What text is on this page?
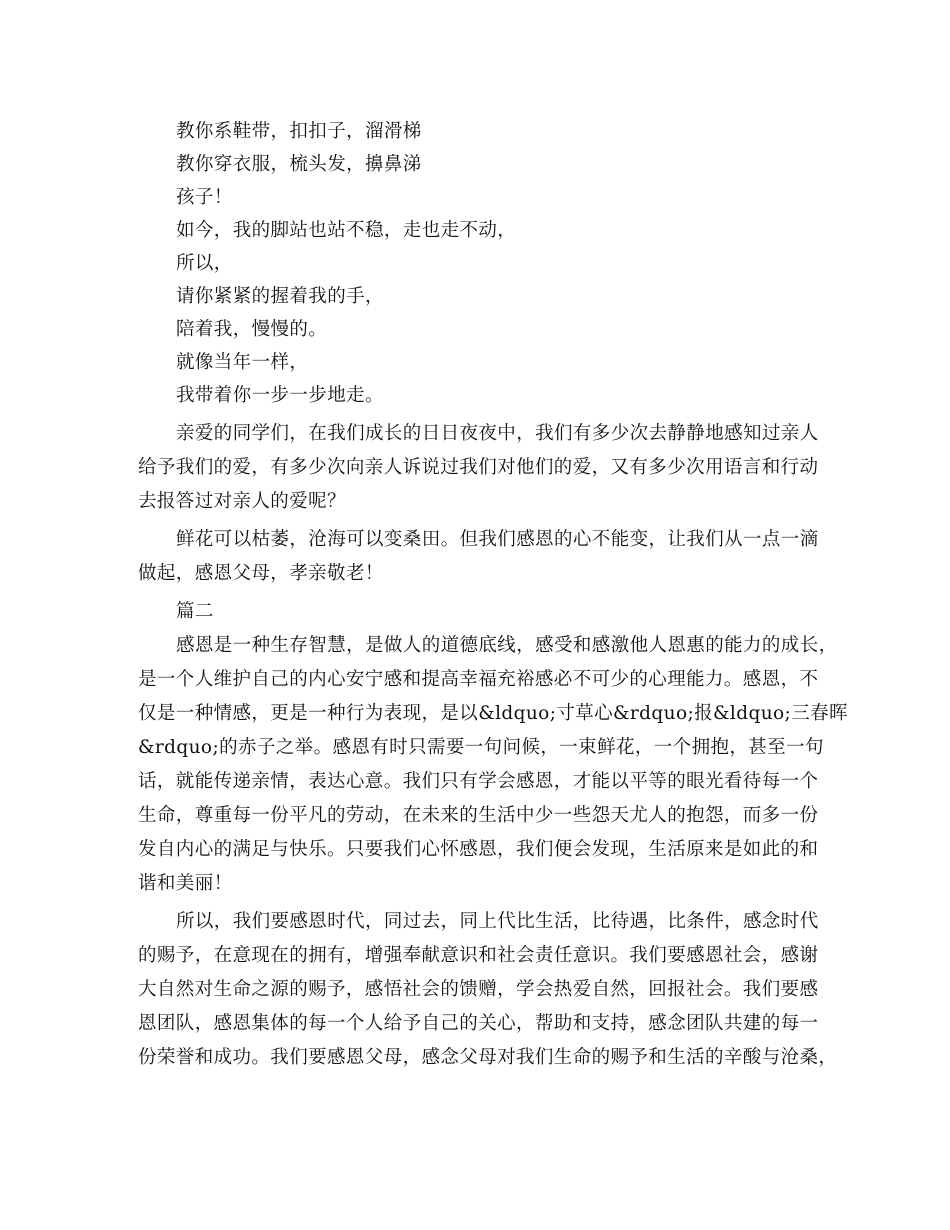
教你系鞋带，扣扣子，溜滑梯
教你穿衣服，梳头发，擤鼻涕
孩子！
如今，我的脚站也站不稳，走也走不动，
所以，
请你紧紧的握着我的手，
陪着我，慢慢的。
就像当年一样，
我带着你一步一步地走。
亲爱的同学们，在我们成长的日日夜夜中，我们有多少次去静静地感知过亲人
给予我们的爱，有多少次向亲人诉说过我们对他们的爱，又有多少次用语言和行动
去报答过对亲人的爱呢？
鲜花可以枯萎，沧海可以变桑田。但我们感恩的心不能变，让我们从一点一滴
做起，感恩父母，孝亲敬老！
篇二
感恩是一种生存智慧，是做人的道德底线，感受和感激他人恩惠的能力的成长，
是一个人维护自己的内心安宁感和提高幸福充裕感必不可少的心理能力。感恩，不
仅是一种情感，更是一种行为表现，是以&ldquo;寸草心&rdquo;报&ldquo;三春晖
&rdquo;的赤子之举。感恩有时只需要一句问候，一束鲜花，一个拥抱，甚至一句
话，就能传递亲情，表达心意。我们只有学会感恩，才能以平等的眼光看待每一个
生命，尊重每一份平凡的劳动，在未来的生活中少一些怨天尤人的抱怨，而多一份
发自内心的满足与快乐。只要我们心怀感恩，我们便会发现，生活原来是如此的和
谐和美丽！
所以，我们要感恩时代，同过去，同上代比生活，比待遇，比条件，感念时代
的赐予，在意现在的拥有，增强奉献意识和社会责任意识。我们要感恩社会，感谢
大自然对生命之源的赐予，感悟社会的馈赠，学会热爱自然，回报社会。我们要感
恩团队，感恩集体的每一个人给予自己的关心，帮助和支持，感念团队共建的每一
份荣誉和成功。我们要感恩父母，感念父母对我们生命的赐予和生活的辛酸与沧桑，
